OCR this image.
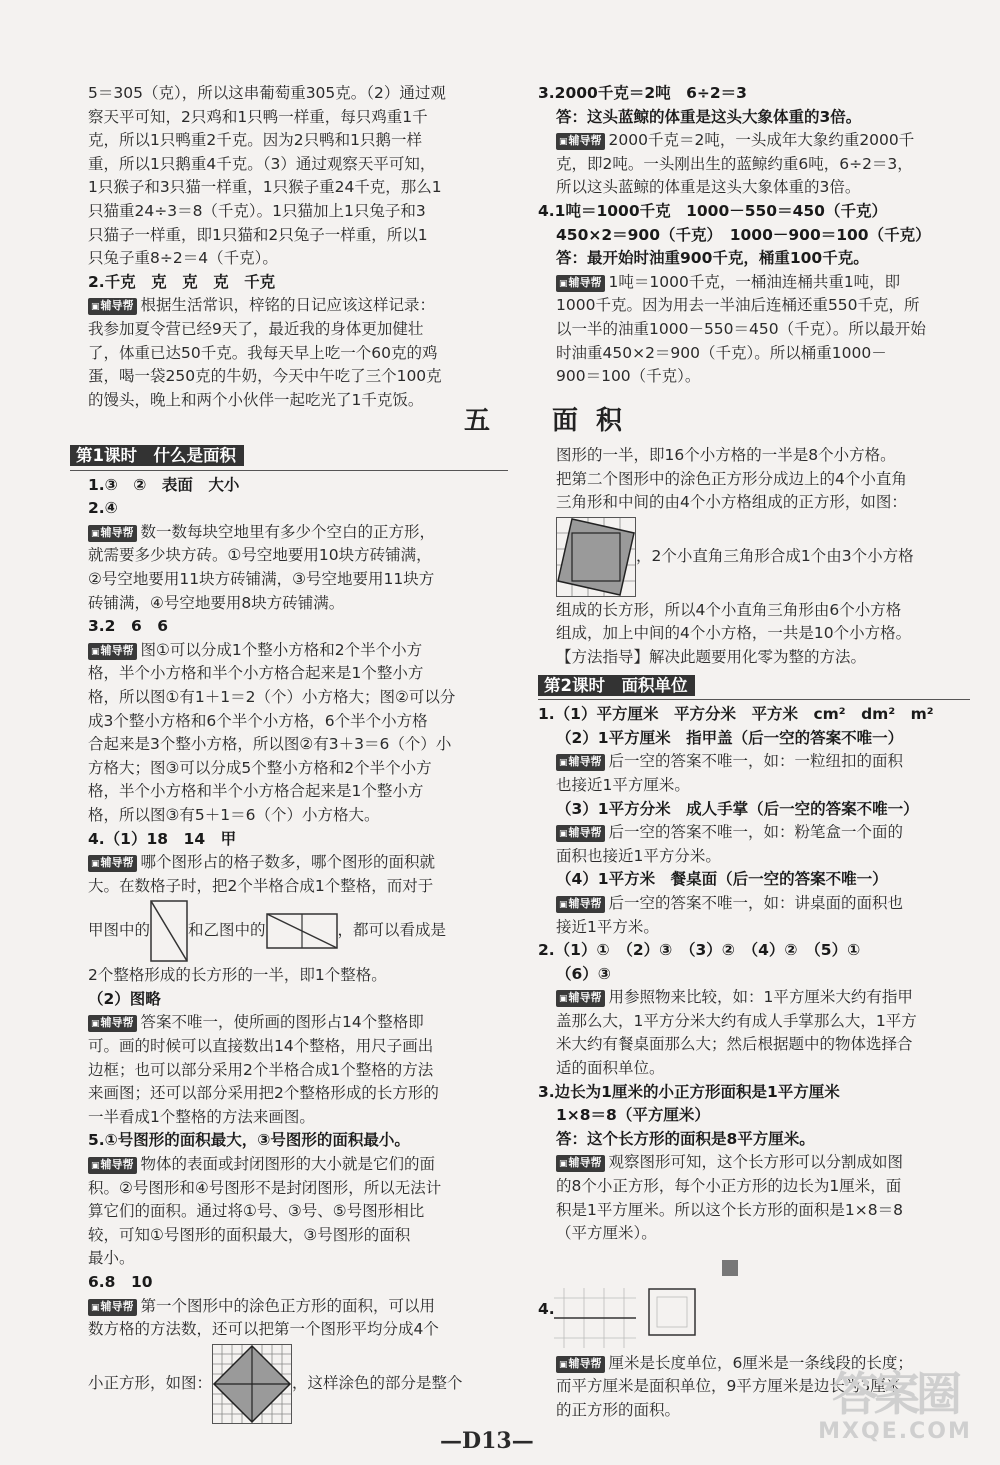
5＝305（克），所以这串葡萄重305克。（2）通过观

察天平可知，2只鸡和1只鸭一样重，每只鸡重1千

克，所以1只鸭重2千克。因为2只鸭和1只鹅一样

重，所以1只鹅重4千克。（3）通过观察天平可知，

1只猴子和3只猫一样重，1只猴子重24千克，那么1

只猫重24÷3＝8（千克）。1只猫加上1只兔子和3

只猫子一样重，即1只猫和2只兔子一样重，所以1

只兔子重8÷2＝4（千克）。

2.千克　克　克　克　千克

▣ 辅导帮 根据生活常识，梓铭的日记应该这样记录：

我参加夏令营已经9天了，最近我的身体更加健壮

了，体重已达50千克。我每天早上吃一个60克的鸡

蛋，喝一袋250克的牛奶，今天中午吃了三个100克

的馒头，晚上和两个小伙伴一起吃光了1千克饭。

3.2000千克＝2吨　6÷2＝3

答：这头蓝鲸的体重是这头大象体重的3倍。

▣ 辅导帮 2000千克＝2吨，一头成年大象约重2000千

克，即2吨。一头刚出生的蓝鲸约重6吨，6÷2＝3，

所以这头蓝鲸的体重是这头大象体重的3倍。

4.1吨＝1000千克　1000－550＝450（千克）

450×2＝900（千克）　1000－900＝100（千克）

答：最开始时油重900千克，桶重100千克。

▣ 辅导帮 1吨＝1000千克，一桶油连桶共重1吨，即

1000千克。因为用去一半油后连桶还重550千克，所

以一半的油重1000－550＝450（千克）。所以最开始

时油重450×2＝900（千克）。所以桶重1000－

900＝100（千克）。

五　面积
第1课时　什么是面积

1.③　②　表面　大小

2.④

▣ 辅导帮 数一数每块空地里有多少个空白的正方形，

就需要多少块方砖。①号空地要用10块方砖铺满，

②号空地要用11块方砖铺满，③号空地要用11块方

砖铺满，④号空地要用8块方砖铺满。

3.2　6　6

▣ 辅导帮 图①可以分成1个整小方格和2个半个小方

格，半个小方格和半个小方格合起来是1个整小方

格，所以图①有1＋1＝2（个）小方格大；图②可以分

成3个整小方格和6个半个小方格，6个半个小方格

合起来是3个整小方格，所以图②有3＋3＝6（个）小

方格大；图③可以分成5个整小方格和2个半个小方

格，半个小方格和半个小方格合起来是1个整小方

格，所以图③有5＋1＝6（个）小方格大。

4.（1）18　14　甲

▣ 辅导帮 哪个图形占的格子数多，哪个图形的面积就

大。在数格子时，把2个半格合成1个整格，而对于

甲图中的 和乙图中的	，都可以看成是

2个整格形成的长方形的一半，即1个整格。

（2）图略

▣ 辅导帮 答案不唯一，使所画的图形占14个整格即

可。画的时候可以直接数出14个整格，用尺子画出

边框；也可以部分采用2个半格合成1个整格的方法

来画图；还可以部分采用把2个整格形成的长方形的

一半看成1个整格的方法来画图。

5.①号图形的面积最大，③号图形的面积最小。

▣ 辅导帮 物体的表面或封闭图形的大小就是它们的面

积。②号图形和④号图形不是封闭图形，所以无法计

算它们的面积。通过将①号、③号、⑤号图形相比

较，可知①号图形的面积最大，③号图形的面积

最小。

6.8　10

▣ 辅导帮 第一个图形中的涂色正方形的面积，可以用

数方格的方法数，还可以把第一个图形平均分成4个

小正方形，如图：	，这样涂色的部分是整个

图形的一半，即16个小方格的一半是8个小方格。

把第二个图形中的涂色正方形分成边上的4个小直角

三角形和中间的由4个小方格组成的正方形，如图：

，2个小直角三角形合成1个由3个小方格

组成的长方形，所以4个小直角三角形由6个小方格

组成，加上中间的4个小方格，一共是10个小方格。

【方法指导】解决此题要用化零为整的方法。

第2课时　面积单位

1.（1）平方厘米　平方分米　平方米　cm²　dm²　m²

（2）1平方厘米　指甲盖（后一空的答案不唯一）

▣ 辅导帮 后一空的答案不唯一，如：一粒纽扣的面积

也接近1平方厘米。

（3）1平方分米　成人手掌（后一空的答案不唯一）

▣ 辅导帮 后一空的答案不唯一，如：粉笔盒一个面的

面积也接近1平方分米。

（4）1平方米　餐桌面（后一空的答案不唯一）

▣ 辅导帮 后一空的答案不唯一，如：讲桌面的面积也

接近1平方米。

2.（1）①　（2）③　（3）②　（4）②　（5）①

（6）③

▣ 辅导帮 用参照物来比较，如：1平方厘米大约有指甲

盖那么大，1平方分米大约有成人手掌那么大，1平方

米大约有餐桌面那么大；然后根据题中的物体选择合

适的面积单位。

3.边长为1厘米的小正方形面积是1平方厘米

1×8＝8（平方厘米）

答：这个长方形的面积是8平方厘米。

▣ 辅导帮 观察图形可知，这个长方形可以分割成如图

的8个小正方形，每个小正方形的边长为1厘米，面

积是1平方厘米。所以这个长方形的面积是1×8＝8

（平方厘米）。

4.

▣ 辅导帮 厘米是长度单位，6厘米是一条线段的长度；

而平方厘米是面积单位，9平方厘米是边长为3厘米

的正方形的面积。

—D13—
答案圈
MXQE.COM
